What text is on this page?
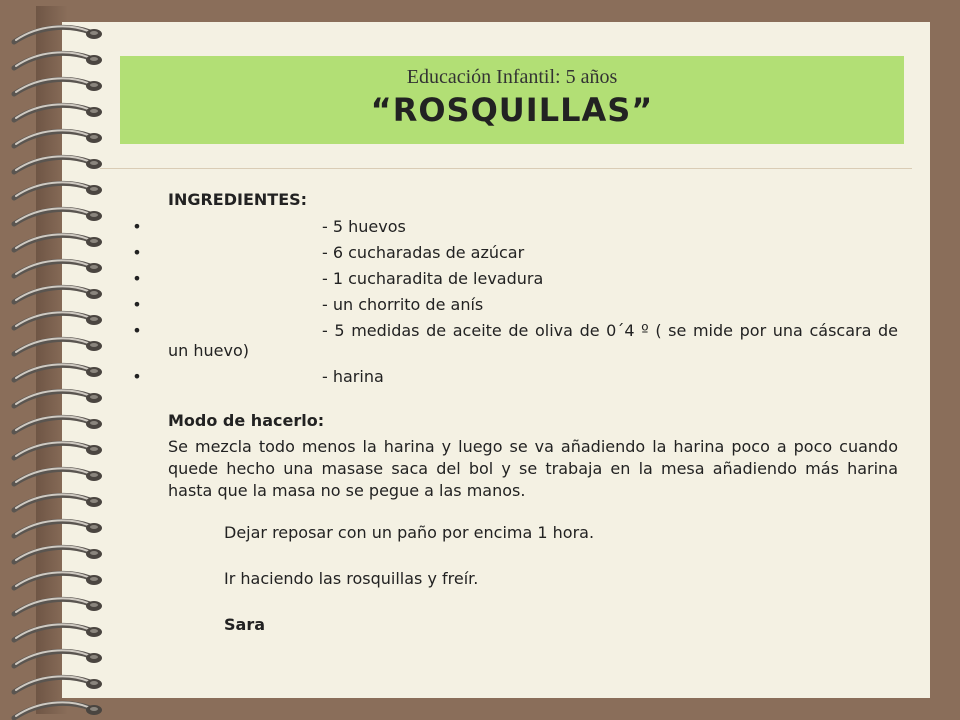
Educación Infantil: 5 años
“ROSQUILLAS”
INGREDIENTES:
•	- 5 huevos
•	- 6 cucharadas de azúcar
•	- 1 cucharadita de levadura
•	- un chorrito de anís
•	- 5 medidas de aceite de oliva de 0´4 º ( se mide por una cáscara de un huevo)
•	- harina
Modo de hacerlo:
Se mezcla todo menos la harina y luego se va añadiendo la harina poco a poco cuando quede hecho una masase saca del bol y se trabaja en la mesa añadiendo más harina hasta que la masa no se pegue a las manos.
Dejar reposar con un paño por encima 1 hora.
Ir haciendo las rosquillas y freír.
Sara
